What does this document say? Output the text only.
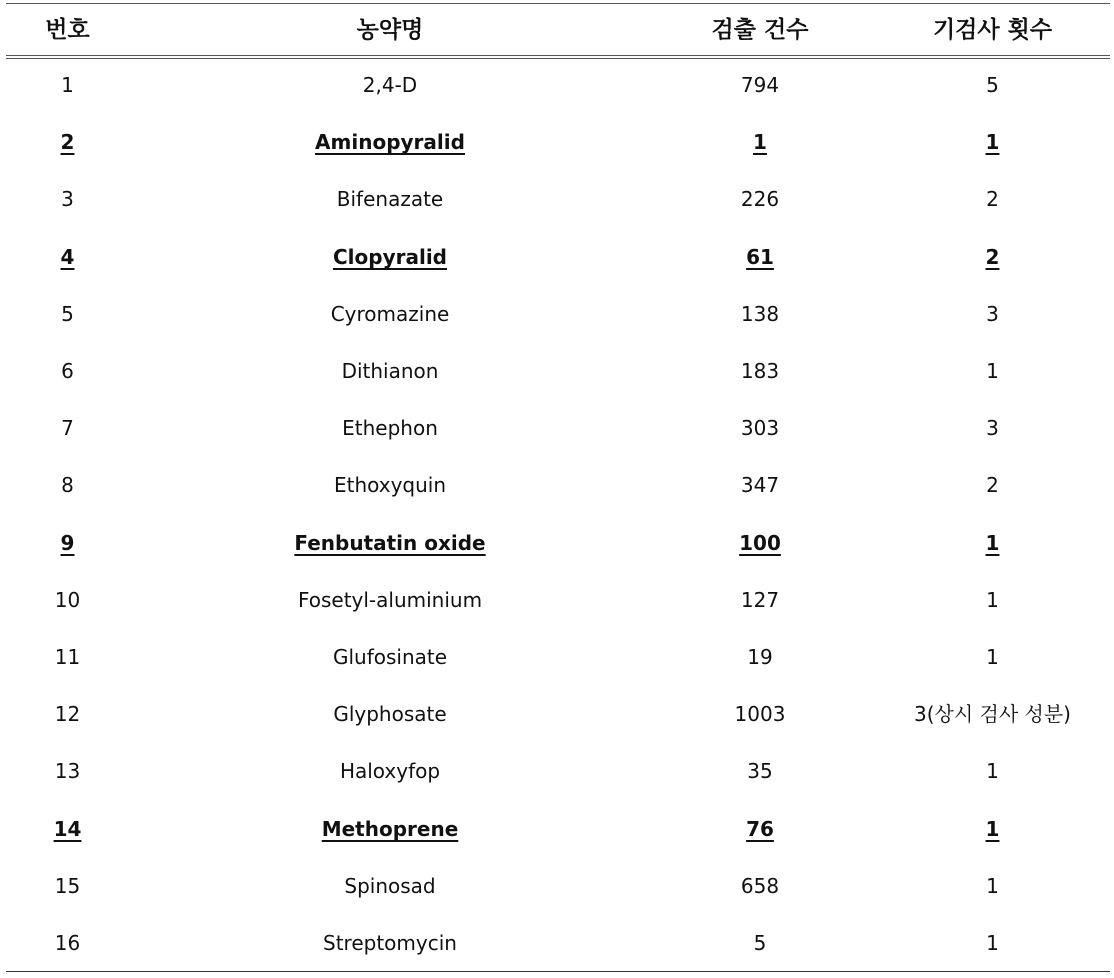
번호	농약명	검출 건수	기검사 횟수
1	2,4-D	794	5
2	Aminopyralid	1	1
3	Bifenazate	226	2
4	Clopyralid	61	2
5	Cyromazine	138	3
6	Dithianon	183	1
7	Ethephon	303	3
8	Ethoxyquin	347	2
9	Fenbutatin oxide	100	1
10	Fosetyl-aluminium	127	1
11	Glufosinate	19	1
12	Glyphosate	1003	3(상시 검사 성분)
13	Haloxyfop	35	1
14	Methoprene	76	1
15	Spinosad	658	1
16	Streptomycin	5	1
